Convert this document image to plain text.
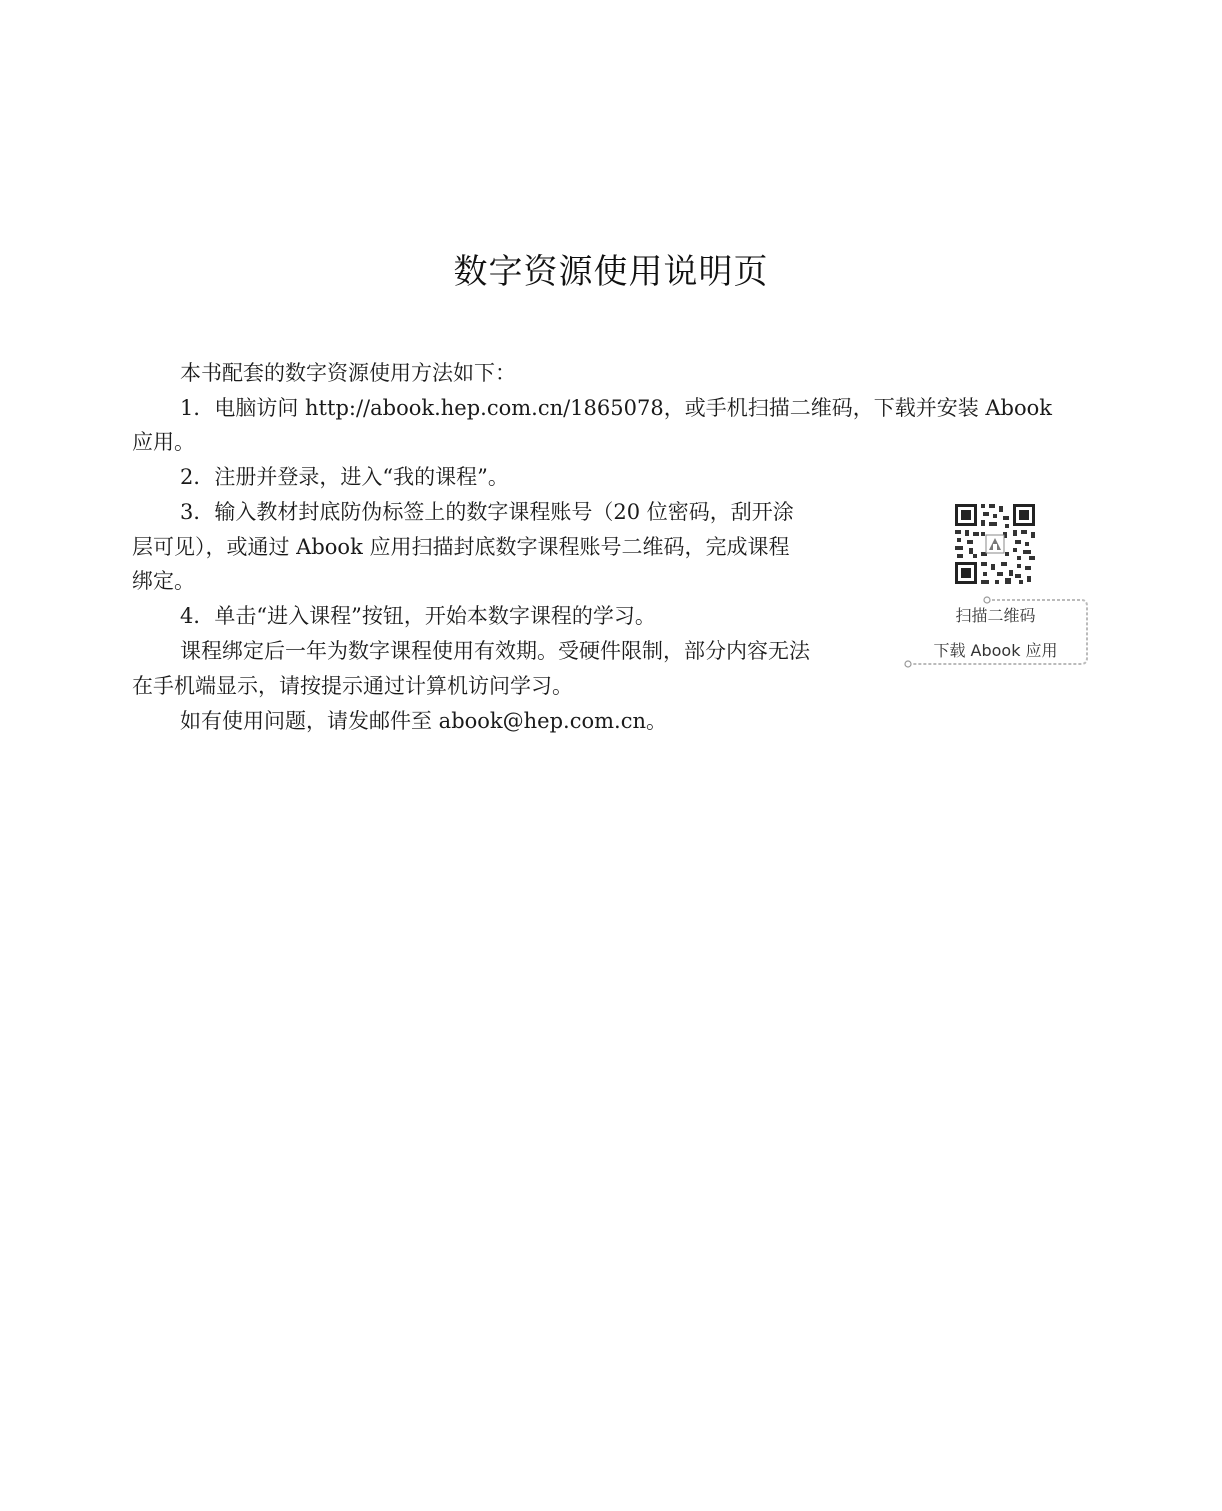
数字资源使用说明页

本书配套的数字资源使用方法如下：

1．电脑访问 http://abook.hep.com.cn/1865078，或手机扫描二维码，下载并安装 Abook

应用。

2．注册并登录，进入“我的课程”。

3．输入教材封底防伪标签上的数字课程账号（20 位密码，刮开涂

层可见），或通过 Abook 应用扫描封底数字课程账号二维码，完成课程

绑定。

4．单击“进入课程”按钮，开始本数字课程的学习。

课程绑定后一年为数字课程使用有效期。受硬件限制，部分内容无法

在手机端显示，请按提示通过计算机访问学习。

如有使用问题，请发邮件至 abook@hep.com.cn。

扫描二维码
下载 Abook 应用
